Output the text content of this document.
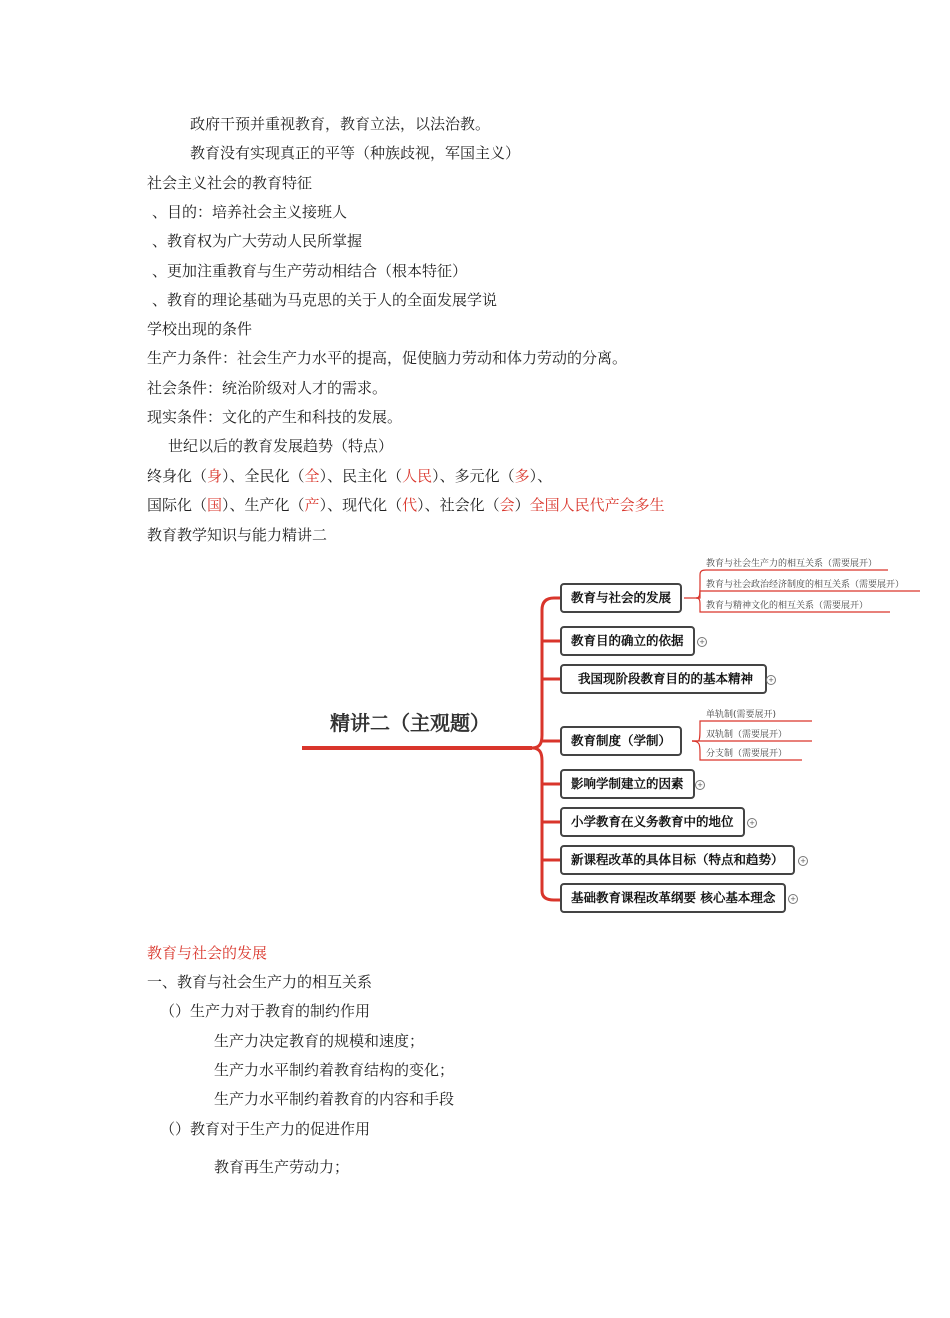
政府干预并重视教育，教育立法，以法治教。
教育没有实现真正的平等（种族歧视，军国主义）
社会主义社会的教育特征
、目的：培养社会主义接班人
、教育权为广大劳动人民所掌握
、更加注重教育与生产劳动相结合（根本特征）
、教育的理论基础为马克思的关于人的全面发展学说
学校出现的条件
生产力条件：社会生产力水平的提高，促使脑力劳动和体力劳动的分离。
社会条件：统治阶级对人才的需求。
现实条件：文化的产生和科技的发展。
世纪以后的教育发展趋势（特点）
终身化（身）、全民化（全）、民主化（人民）、多元化（多）、
国际化（国）、生产化（产）、现代化（代）、社会化（会）全国人民代产会多生
教育教学知识与能力精讲二
精讲二（主观题）
教育与社会的发展
教育目的确立的依据	+
我国现阶段教育目的的基本精神	+
教育制度（学制）
影响学制建立的因素	+
小学教育在义务教育中的地位	+
新课程改革的具体目标（特点和趋势）	+
基础教育课程改革纲要 核心基本理念	+
教育与社会生产力的相互关系（需要展开）
教育与社会政治经济制度的相互关系（需要展开）
教育与精神文化的相互关系（需要展开）
单轨制(需要展开)
双轨制（需要展开）
分支制（需要展开）
教育与社会的发展
一、教育与社会生产力的相互关系
（）生产力对于教育的制约作用
生产力决定教育的规模和速度；
生产力水平制约着教育结构的变化；
生产力水平制约着教育的内容和手段
（）教育对于生产力的促进作用
教育再生产劳动力；
